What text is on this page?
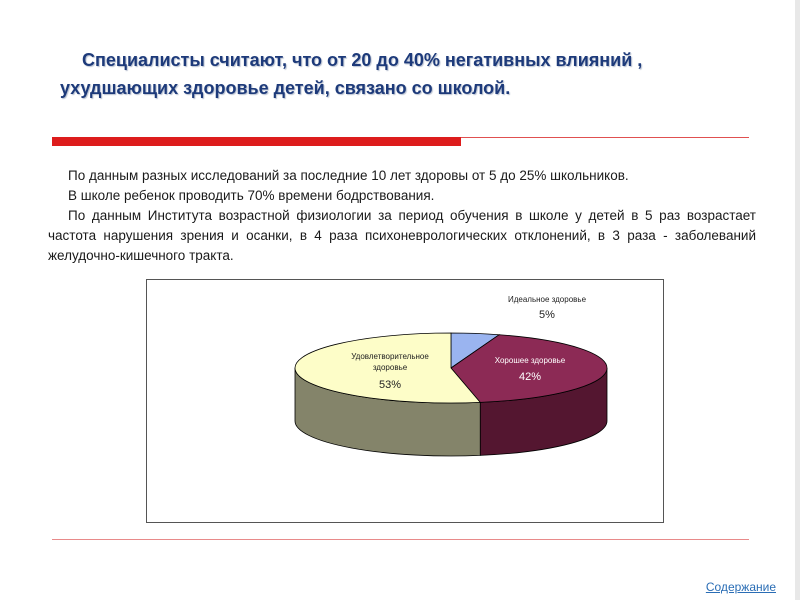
Специалисты считают, что от 20 до 40% негативных влияний ,
ухудшающих здоровье детей, связано со школой.
По данным разных исследований за последние 10 лет здоровы от 5 до 25% школьников.
В школе ребенок проводить 70% времени бодрствования.
По данным Института возрастной физиологии за период обучения в школе у детей в 5 раз возрастает частота нарушения зрения и осанки, в 4 раза психоневрологических отклонений, в 3 раза - заболеваний желудочно-кишечного тракта.
Идеальное здоровье
5%
Хорошее здоровье
42%
Удовлетворительное
здоровье
53%
Содержание
